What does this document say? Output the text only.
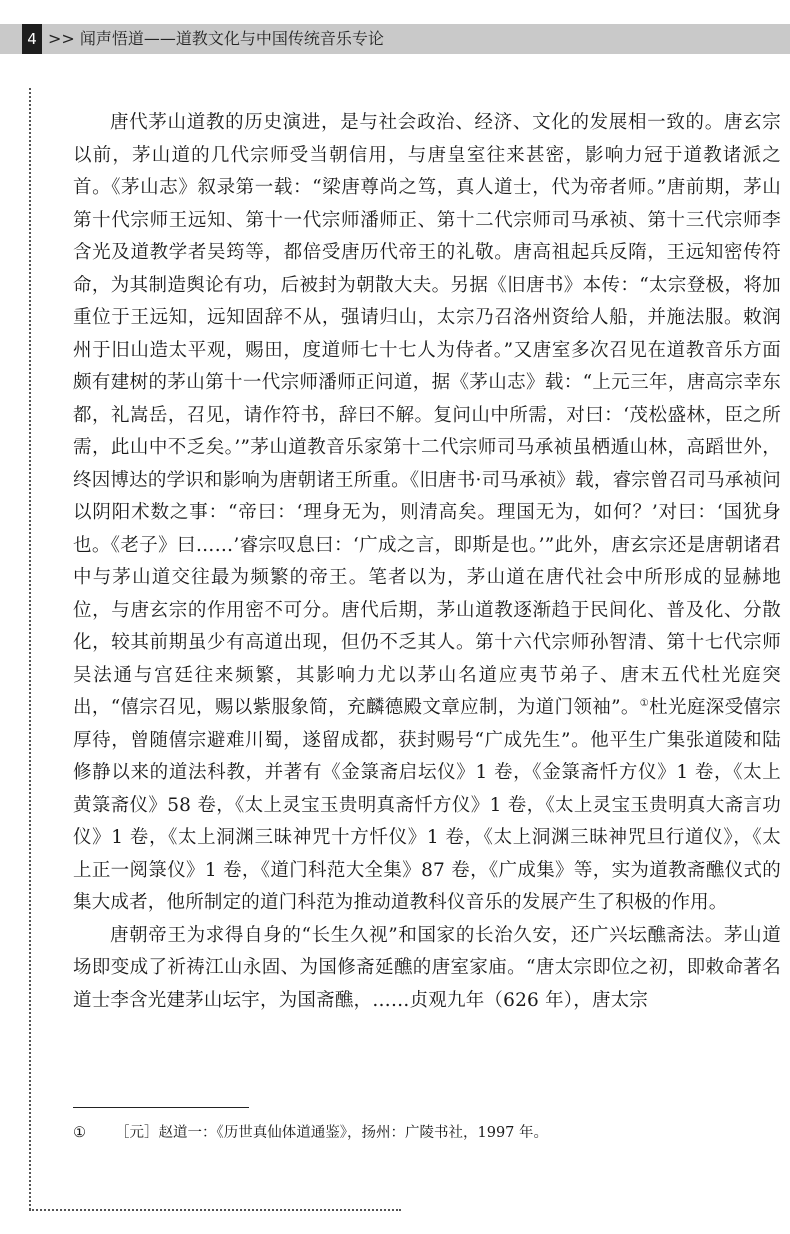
4 >> 闻声悟道——道教文化与中国传统音乐专论

唐代茅山道教的历史演进，是与社会政治、经济、文化的发展相一致的。唐玄宗以前，茅山道的几代宗师受当朝信用，与唐皇室往来甚密，影响力冠于道教诸派之首。《茅山志》叙录第一载：“梁唐尊尚之笃，真人道士，代为帝者师。”唐前期，茅山第十代宗师王远知、第十一代宗师潘师正、第十二代宗师司马承祯、第十三代宗师李含光及道教学者吴筠等，都倍受唐历代帝王的礼敬。唐高祖起兵反隋，王远知密传符命，为其制造舆论有功，后被封为朝散大夫。另据《旧唐书》本传：“太宗登极，将加重位于王远知，远知固辞不从，强请归山，太宗乃召洛州资给人船，并施法服。敕润州于旧山造太平观，赐田，度道师七十七人为侍者。”又唐室多次召见在道教音乐方面颇有建树的茅山第十一代宗师潘师正问道，据《茅山志》载：“上元三年，唐高宗幸东都，礼嵩岳，召见，请作符书，辞曰不解。复问山中所需，对曰：‘茂松盛林，臣之所需，此山中不乏矣。’”茅山道教音乐家第十二代宗师司马承祯虽栖遁山林，高蹈世外，终因博达的学识和影响为唐朝诸王所重。《旧唐书·司马承祯》载，睿宗曾召司马承祯问以阴阳术数之事：“帝曰：‘理身无为，则清高矣。理国无为，如何？’对曰：‘国犹身也。《老子》曰……’睿宗叹息曰：‘广成之言，即斯是也。’”此外，唐玄宗还是唐朝诸君中与茅山道交往最为频繁的帝王。笔者以为，茅山道在唐代社会中所形成的显赫地位，与唐玄宗的作用密不可分。唐代后期，茅山道教逐渐趋于民间化、普及化、分散化，较其前期虽少有高道出现，但仍不乏其人。第十六代宗师孙智清、第十七代宗师吴法通与宫廷往来频繁，其影响力尤以茅山名道应夷节弟子、唐末五代杜光庭突出，“僖宗召见，赐以紫服象简，充麟德殿文章应制，为道门领袖”。①杜光庭深受僖宗厚待，曾随僖宗避难川蜀，遂留成都，获封赐号“广成先生”。他平生广集张道陵和陆修静以来的道法科教，并著有《金箓斋启坛仪》1 卷，《金箓斋忏方仪》1 卷，《太上黄箓斋仪》58 卷，《太上灵宝玉贵明真斋忏方仪》1 卷，《太上灵宝玉贵明真大斋言功仪》1 卷，《太上洞渊三昧神咒十方忏仪》1 卷，《太上洞渊三昧神咒旦行道仪》，《太上正一阅箓仪》1 卷，《道门科范大全集》87 卷，《广成集》等，实为道教斋醮仪式的集大成者，他所制定的道门科范为推动道教科仪音乐的发展产生了积极的作用。

唐朝帝王为求得自身的“长生久视”和国家的长治久安，还广兴坛醮斋法。茅山道场即变成了祈祷江山永固、为国修斋延醮的唐室家庙。“唐太宗即位之初，即敕命著名道士李含光建茅山坛宇，为国斋醮，……贞观九年（626 年），唐太宗

① ［元］赵道一：《历世真仙体道通鉴》，扬州：广陵书社，1997 年。
